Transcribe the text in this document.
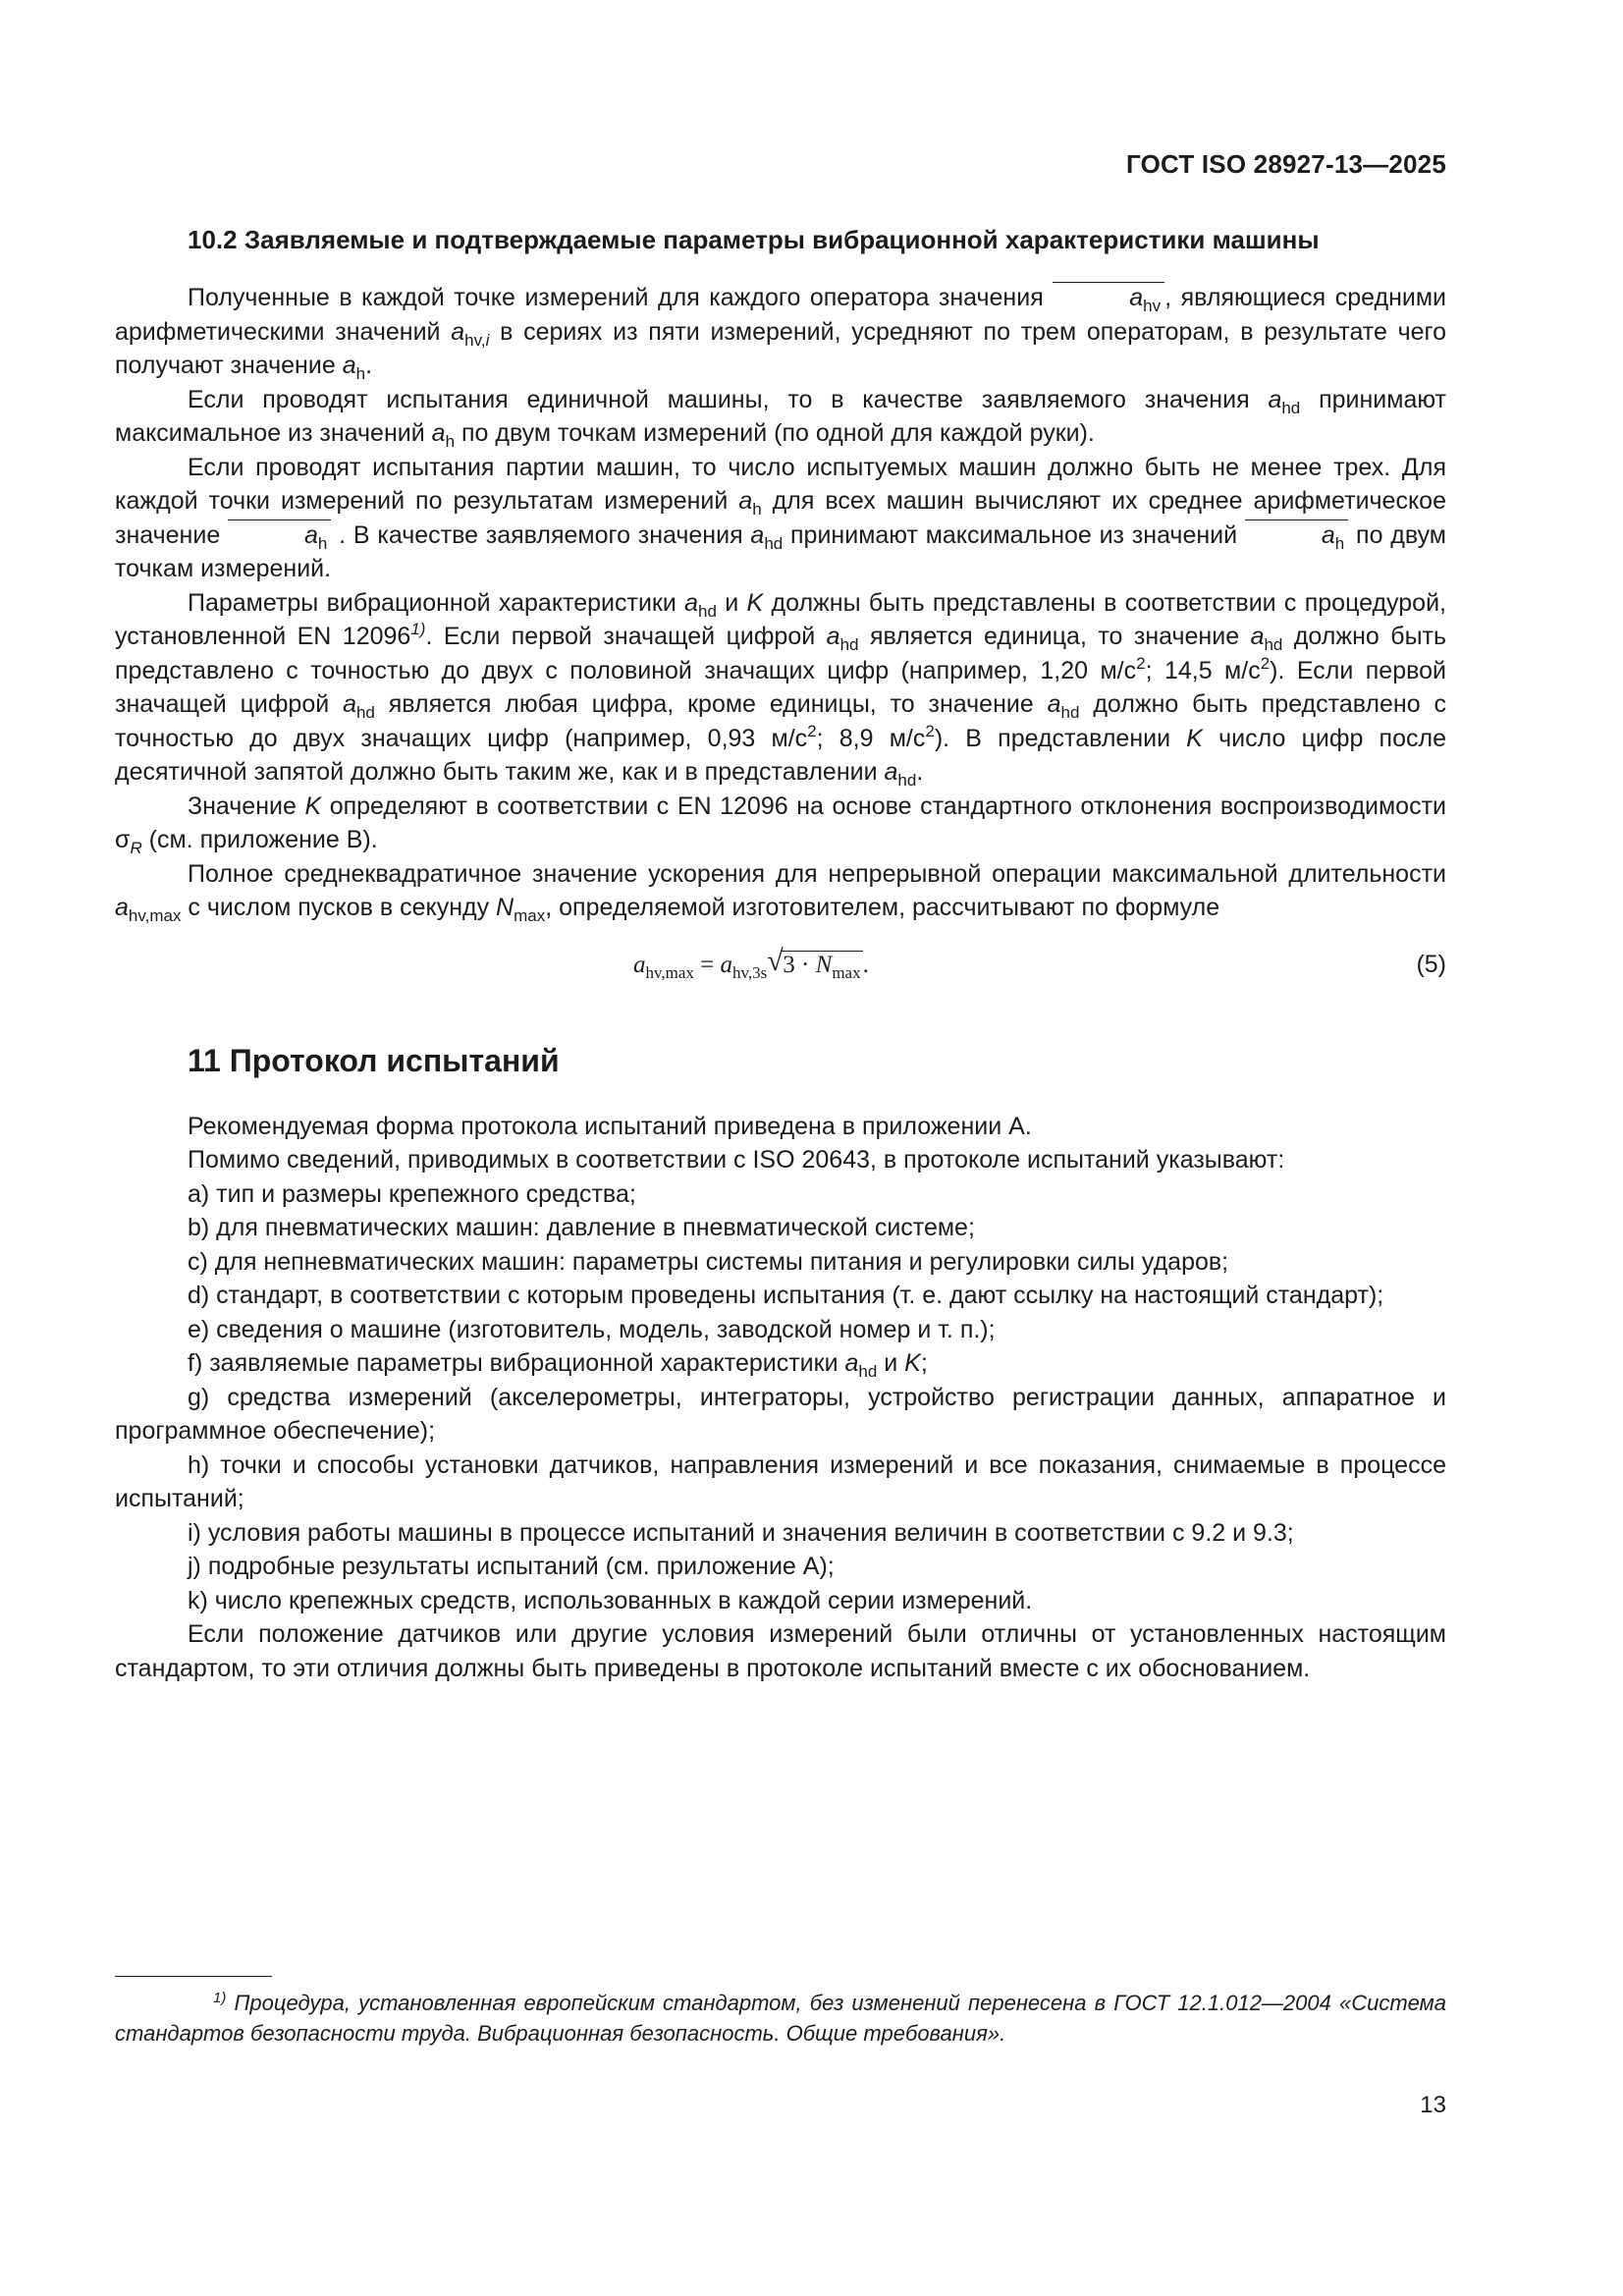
ГОСТ ISO 28927-13—2025
10.2 Заявляемые и подтверждаемые параметры вибрационной характеристики машины

Полученные в каждой точке измерений для каждого оператора значения	$a_{hv}$ , являющиеся средними арифметическими значений $a_{hv,i}$ в сериях из пяти измерений, усредняют по трем операторам, в результате чего получают значение $a_h$.

Если проводят испытания единичной машины, то в качестве заявляемого значения $a_{hd}$ принимают максимальное из значений $a_h$ по двум точкам измерений (по одной для каждой руки).

Если проводят испытания партии машин, то число испытуемых машин должно быть не менее трех. Для каждой точки измерений по результатам измерений $a_h$ для всех машин вычисляют их среднее арифметическое значение	$a_h$ . В качестве заявляемого значения $a_{hd}$ принимают максимальное из значений	$a_h$ по двум точкам измерений.

Параметры вибрационной характеристики $a_{hd}$ и K должны быть представлены в соответствии с процедурой, установленной EN 12096$^{1)}$. Если первой значащей цифрой $a_{hd}$ является единица, то значение $a_{hd}$ должно быть представлено с точностью до двух с половиной значащих цифр (например, 1,20 $м/с^2$; 14,5 $м/с^2$). Если первой значащей цифрой $a_{hd}$ является любая цифра, кроме единицы, то значение $a_{hd}$ должно быть представлено с точностью до двух значащих цифр (например, 0,93 $м/с^2$; 8,9 $м/с^2$). В представлении K число цифр после десятичной запятой должно быть таким же, как и в представлении $a_{hd}$.

Значение K определяют в соответствии с EN 12096 на основе стандартного отклонения воспроизводимости $\sigma_R$ (см. приложение В).

Полное среднеквадратичное значение ускорения для непрерывной операции максимальной длительности $a_{hv,max}$ с числом пусков в секунду $N_{max}$, определяемой изготовителем, рассчитывают по формуле

$a_{hv,max} = a_{hv,3s}$ √ $3 \cdot N_{max}$.	(5)
11 Протокол испытаний

Рекомендуемая форма протокола испытаний приведена в приложении А.

Помимо сведений, приводимых в соответствии с ISO 20643, в протоколе испытаний указывают:

a) тип и размеры крепежного средства;

b) для пневматических машин: давление в пневматической системе;

c) для непневматических машин: параметры системы питания и регулировки силы ударов;

d) стандарт, в соответствии с которым проведены испытания (т. е. дают ссылку на настоящий стандарт);

e) сведения о машине (изготовитель, модель, заводской номер и т. п.);

f) заявляемые параметры вибрационной характеристики $a_{hd}$ и K;

g) средства измерений (акселерометры, интеграторы, устройство регистрации данных, аппаратное и программное обеспечение);

h) точки и способы установки датчиков, направления измерений и все показания, снимаемые в процессе испытаний;

i) условия работы машины в процессе испытаний и значения величин в соответствии с 9.2 и 9.3;

j) подробные результаты испытаний (см. приложение А);

k) число крепежных средств, использованных в каждой серии измерений.

Если положение датчиков или другие условия измерений были отличны от установленных настоящим стандартом, то эти отличия должны быть приведены в протоколе испытаний вместе с их обоснованием.

$^{1)}$ Процедура, установленная европейским стандартом, без изменений перенесена в ГОСТ 12.1.012—2004 «Система стандартов безопасности труда. Вибрационная безопасность. Общие требования».
13
